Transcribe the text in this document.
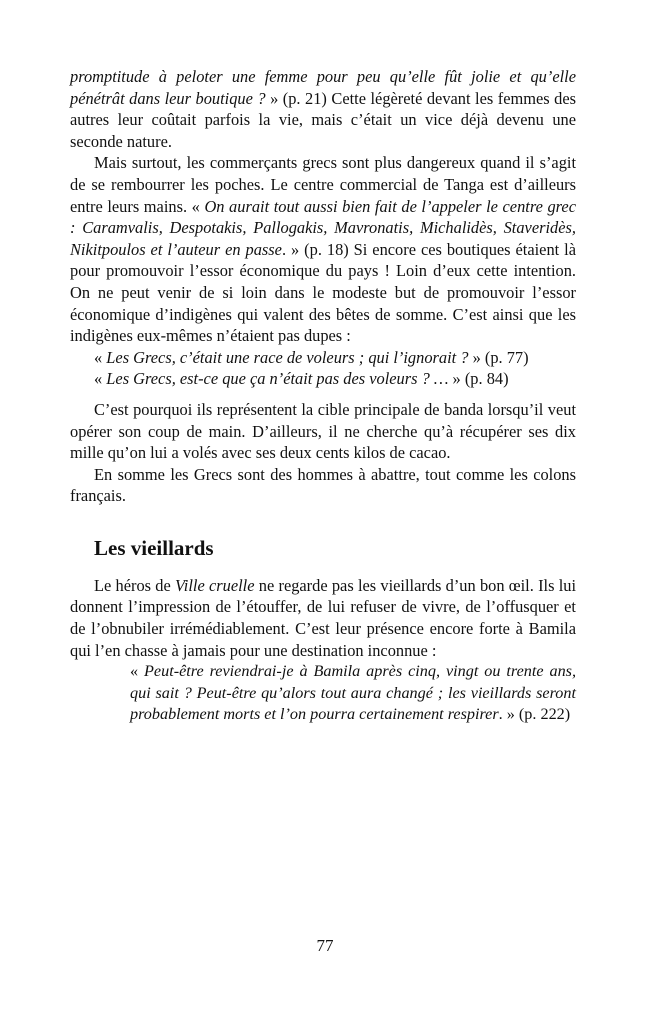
promptitude à peloter une femme pour peu qu’elle fût jolie et qu’elle pénétrât dans leur boutique ? » (p. 21) Cette légèreté devant les femmes des autres leur coûtait parfois la vie, mais c’était un vice déjà devenu une seconde nature.

Mais surtout, les commerçants grecs sont plus dangereux quand il s’agit de se rembourrer les poches. Le centre commercial de Tanga est d’ailleurs entre leurs mains. « On aurait tout aussi bien fait de l’appeler le centre grec : Caramvalis, Despotakis, Pallogakis, Mavronatis, Michalidès, Staveridès, Nikitpoulos et l’auteur en passe. » (p. 18) Si encore ces boutiques étaient là pour promouvoir l’essor économique du pays ! Loin d’eux cette intention. On ne peut venir de si loin dans le modeste but de promouvoir l’essor économique d’indigènes qui valent des bêtes de somme. C’est ainsi que les indigènes eux-mêmes n’étaient pas dupes :

« Les Grecs, c’était une race de voleurs ; qui l’ignorait ? » (p. 77)

« Les Grecs, est-ce que ça n’était pas des voleurs ? … » (p. 84)

C’est pourquoi ils représentent la cible principale de banda lorsqu’il veut opérer son coup de main. D’ailleurs, il ne cherche qu’à récupérer ses dix mille qu’on lui a volés avec ses deux cents kilos de cacao.

En somme les Grecs sont des hommes à abattre, tout comme les colons français.

Les vieillards

Le héros de Ville cruelle ne regarde pas les vieillards d’un bon œil. Ils lui donnent l’impression de l’étouffer, de lui refuser de vivre, de l’offusquer et de l’obnubiler irrémédiablement. C’est leur présence encore forte à Bamila qui l’en chasse à jamais pour une destination inconnue :

« Peut-être reviendrai-je à Bamila après cinq, vingt ou trente ans, qui sait ? Peut-être qu’alors tout aura changé ; les vieillards seront probablement morts et l’on pourra certainement respirer. » (p. 222)

77
